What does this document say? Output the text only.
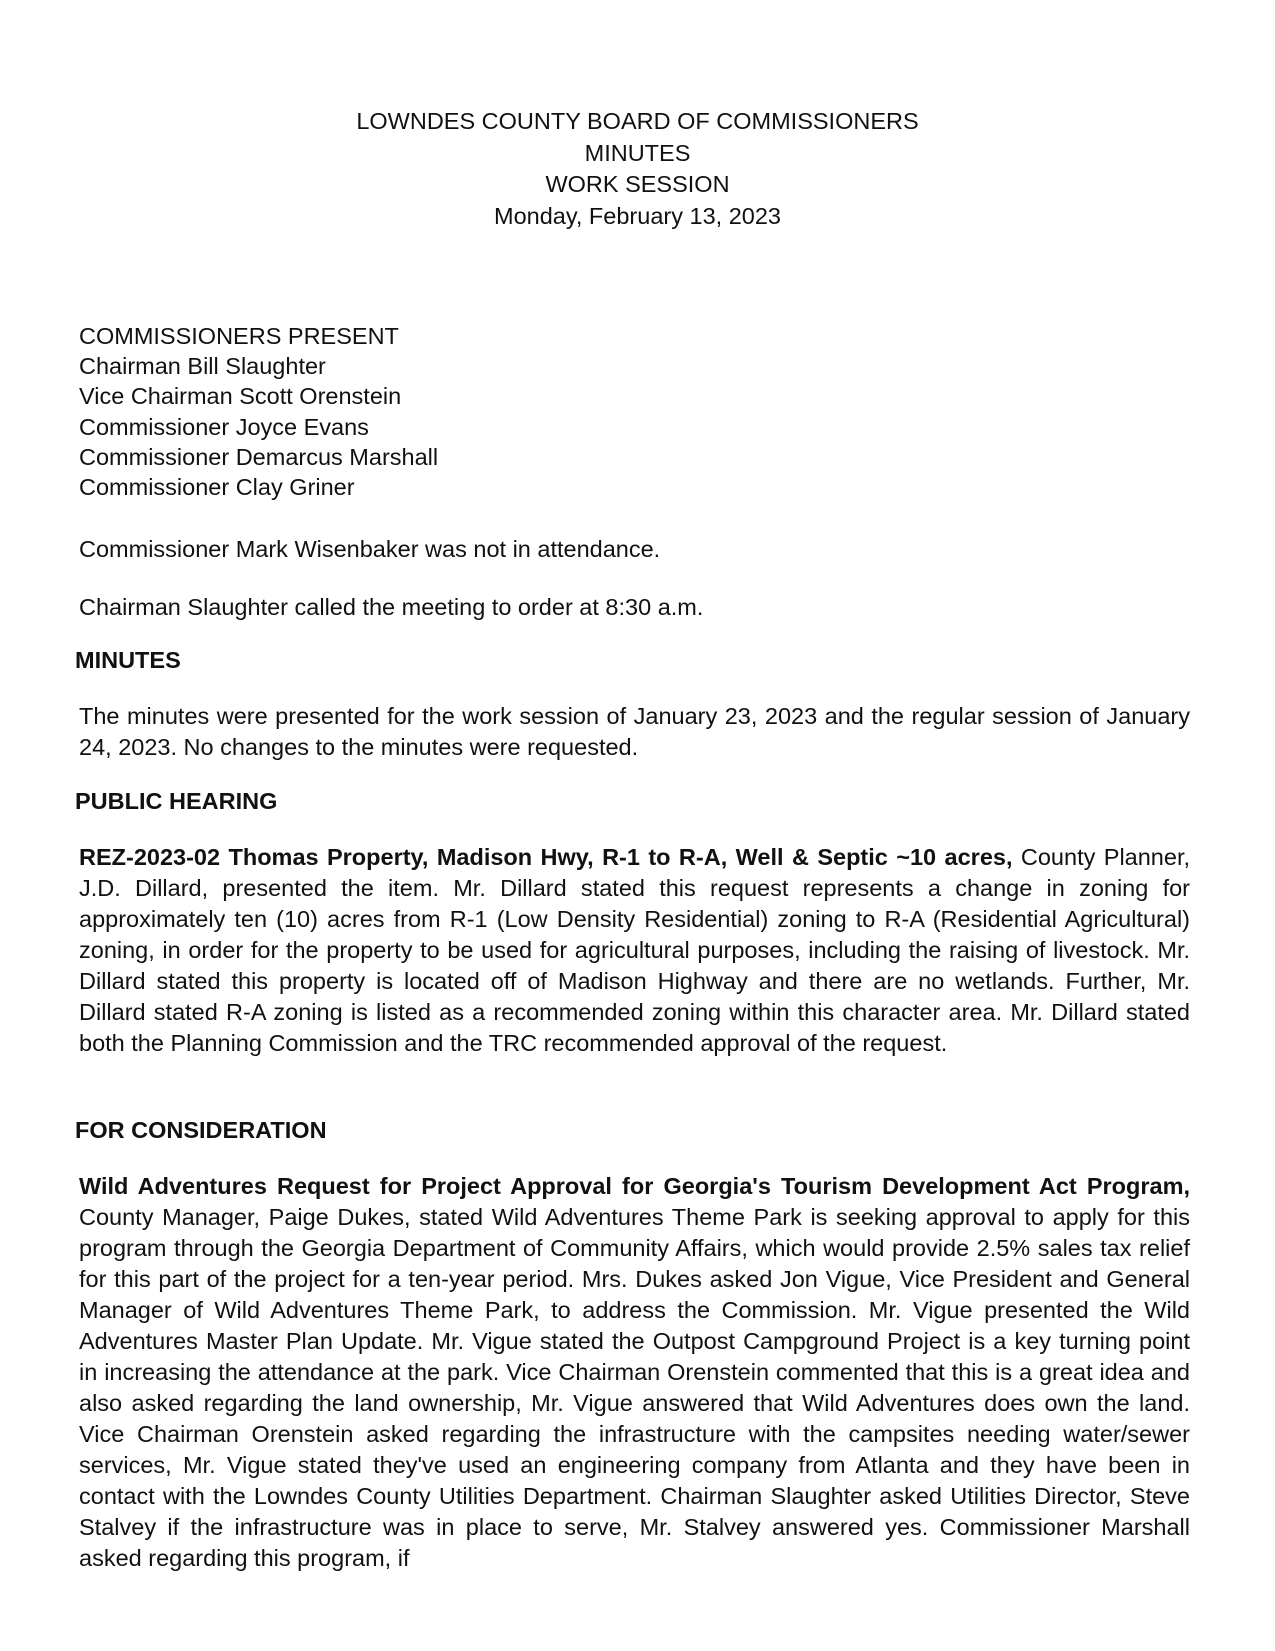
LOWNDES COUNTY BOARD OF COMMISSIONERS
MINUTES
WORK SESSION
Monday, February 13, 2023
COMMISSIONERS PRESENT
Chairman Bill Slaughter
Vice Chairman Scott Orenstein
Commissioner Joyce Evans
Commissioner Demarcus Marshall
Commissioner Clay Griner
Commissioner Mark Wisenbaker was not in attendance.
Chairman Slaughter called the meeting to order at 8:30 a.m.
MINUTES
The minutes were presented for the work session of January 23, 2023 and the regular session of January 24, 2023. No changes to the minutes were requested.
PUBLIC HEARING
REZ-2023-02 Thomas Property, Madison Hwy, R-1 to R-A, Well & Septic ~10 acres, County Planner, J.D. Dillard, presented the item. Mr. Dillard stated this request represents a change in zoning for approximately ten (10) acres from R-1 (Low Density Residential) zoning to R-A (Residential Agricultural) zoning, in order for the property to be used for agricultural purposes, including the raising of livestock. Mr. Dillard stated this property is located off of Madison Highway and there are no wetlands. Further, Mr. Dillard stated R-A zoning is listed as a recommended zoning within this character area. Mr. Dillard stated both the Planning Commission and the TRC recommended approval of the request.
FOR CONSIDERATION
Wild Adventures Request for Project Approval for Georgia's Tourism Development Act Program, County Manager, Paige Dukes, stated Wild Adventures Theme Park is seeking approval to apply for this program through the Georgia Department of Community Affairs, which would provide 2.5% sales tax relief for this part of the project for a ten-year period. Mrs. Dukes asked Jon Vigue, Vice President and General Manager of Wild Adventures Theme Park, to address the Commission. Mr. Vigue presented the Wild Adventures Master Plan Update. Mr. Vigue stated the Outpost Campground Project is a key turning point in increasing the attendance at the park. Vice Chairman Orenstein commented that this is a great idea and also asked regarding the land ownership, Mr. Vigue answered that Wild Adventures does own the land. Vice Chairman Orenstein asked regarding the infrastructure with the campsites needing water/sewer services, Mr. Vigue stated they've used an engineering company from Atlanta and they have been in contact with the Lowndes County Utilities Department. Chairman Slaughter asked Utilities Director, Steve Stalvey if the infrastructure was in place to serve, Mr. Stalvey answered yes. Commissioner Marshall asked regarding this program, if
